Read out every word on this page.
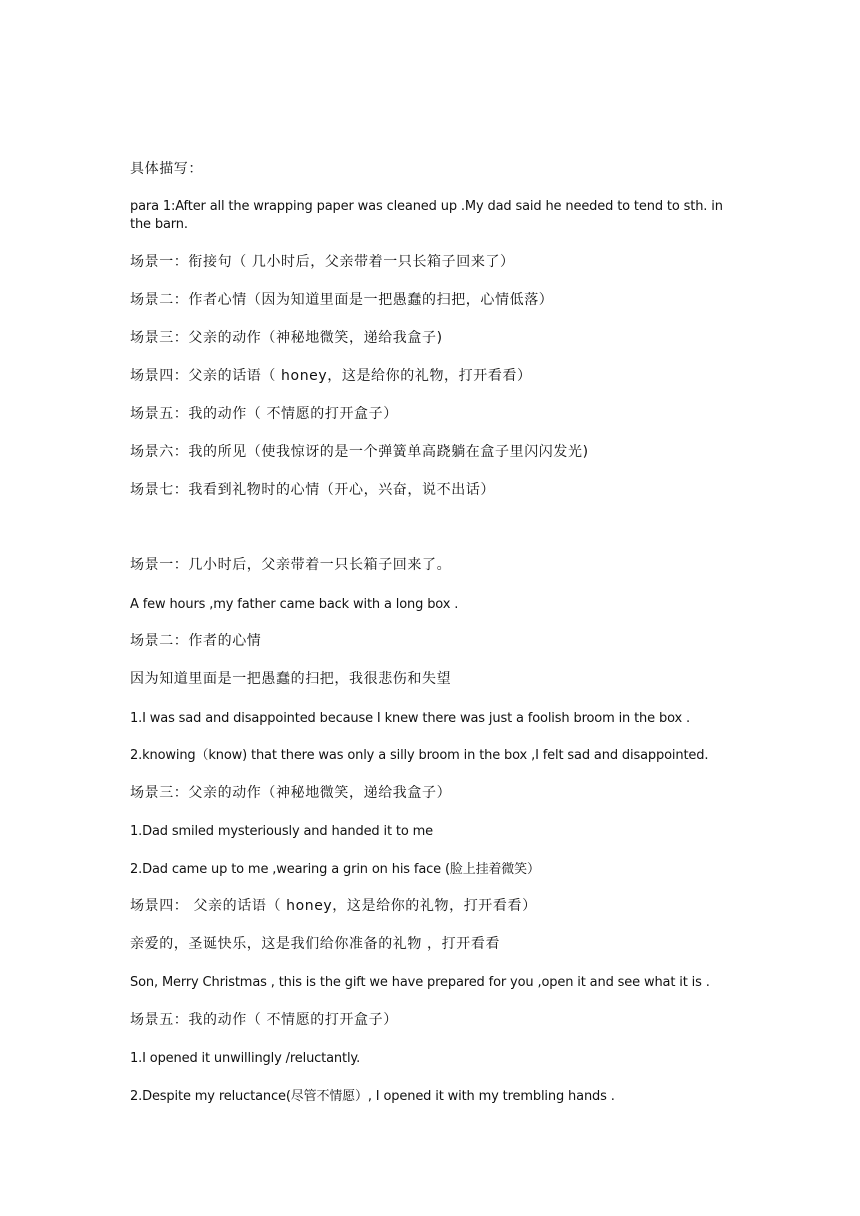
具体描写：
para 1:After all the wrapping paper was cleaned up .My dad said he needed to tend to sth. in the barn.
场景一：衔接句（ 几小时后，父亲带着一只长箱子回来了）
场景二：作者心情（因为知道里面是一把愚蠢的扫把，心情低落）
场景三：父亲的动作（神秘地微笑，递给我盒子)
场景四：父亲的话语（ honey，这是给你的礼物，打开看看）
场景五：我的动作（ 不情愿的打开盒子）
场景六：我的所见（使我惊讶的是一个弹簧单高跷躺在盒子里闪闪发光)
场景七：我看到礼物时的心情（开心，兴奋，说不出话）
场景一：几小时后，父亲带着一只长箱子回来了。
A few hours ,my father came back with a long box .
场景二：作者的心情
因为知道里面是一把愚蠢的扫把，我很悲伤和失望
1.I was sad and disappointed because I knew there was just a foolish broom in the box .
2.knowing（know) that there was only a silly broom in the box ,I felt sad and disappointed.
场景三：父亲的动作（神秘地微笑，递给我盒子）
1.Dad smiled mysteriously and handed it to me
2.Dad came up to me ,wearing a grin on his face (脸上挂着微笑）
场景四： 父亲的话语（ honey，这是给你的礼物，打开看看）
亲爱的，圣诞快乐，这是我们给你准备的礼物 ，打开看看
Son, Merry Christmas , this is the gift we have prepared for you ,open it and see what it is .
场景五：我的动作（ 不情愿的打开盒子）
1.I opened it unwillingly /reluctantly.
2.Despite my reluctance(尽管不情愿）, I opened it with my trembling hands .
